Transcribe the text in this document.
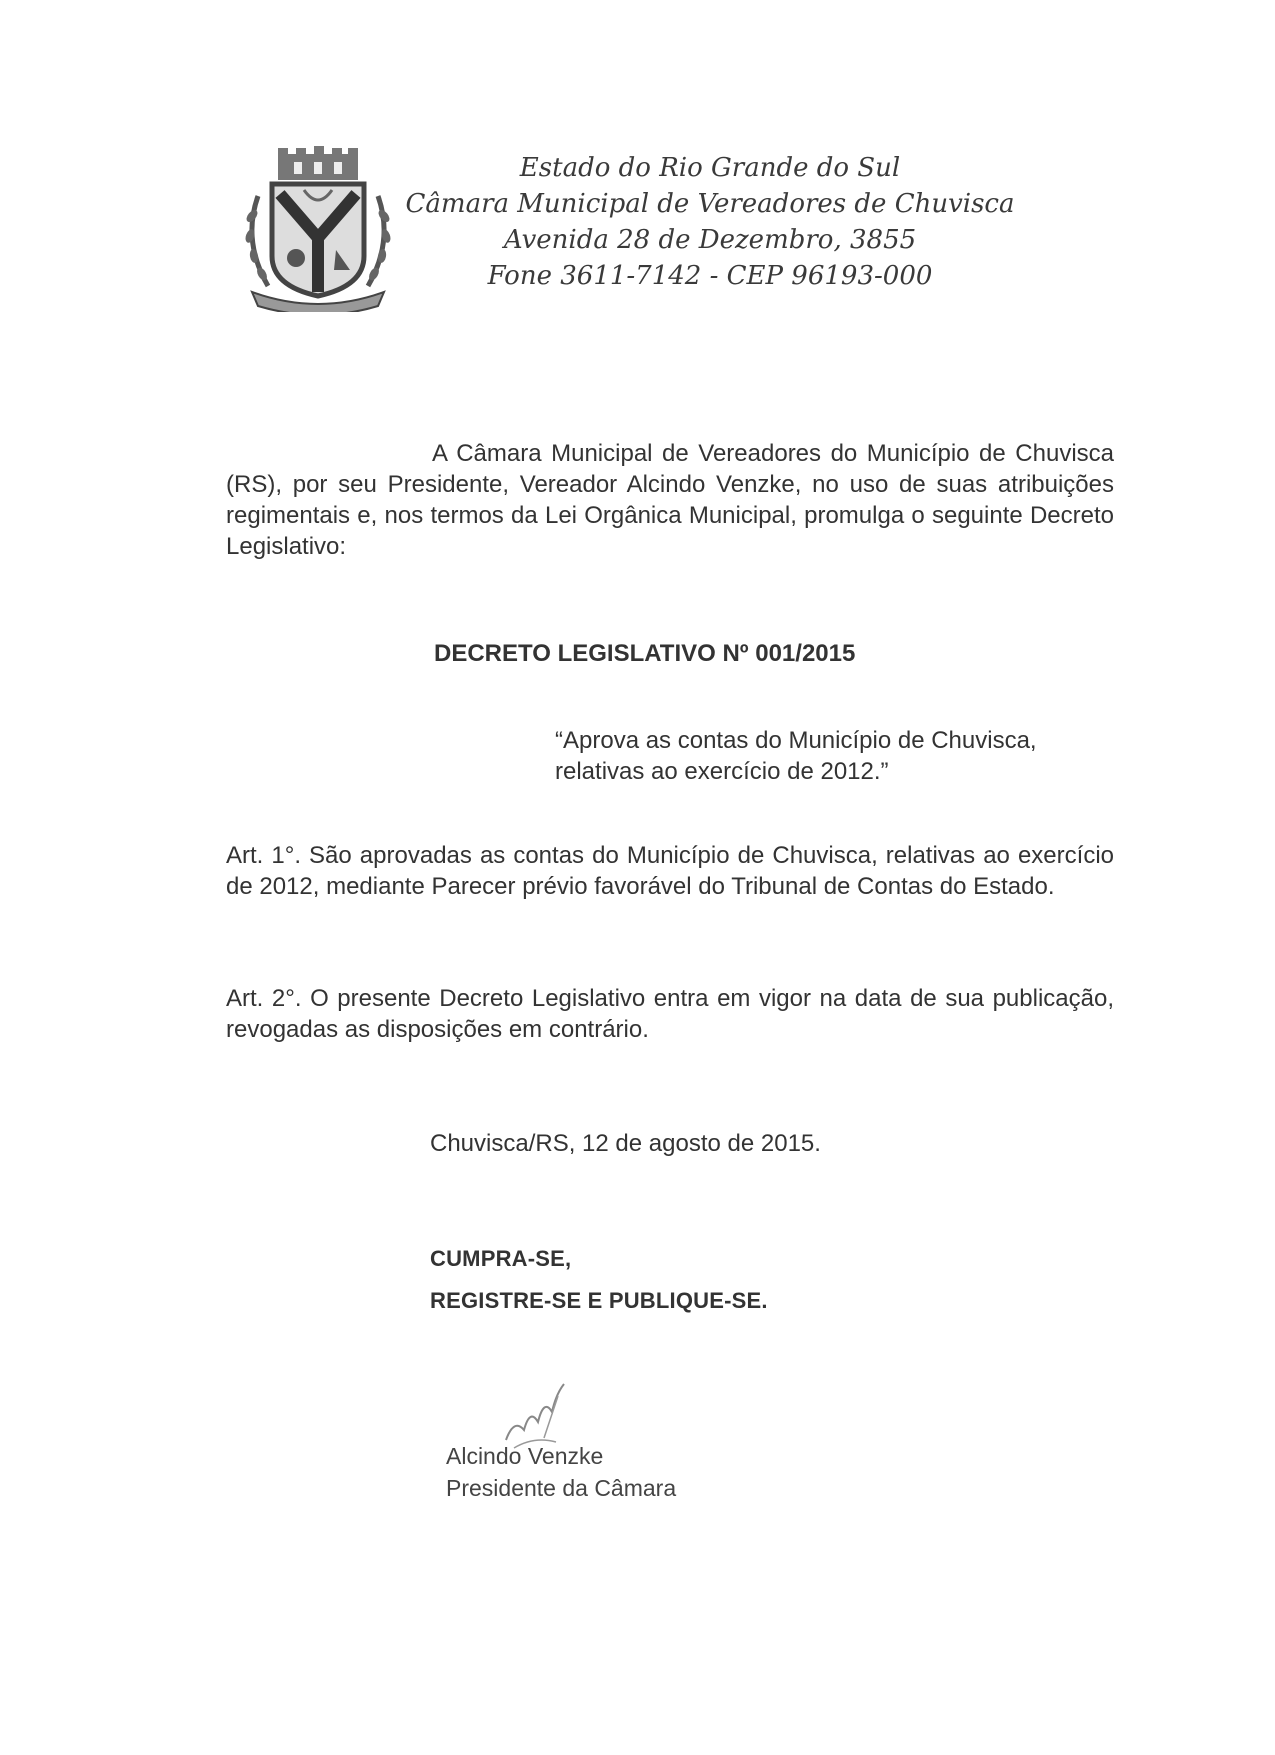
Estado do Rio Grande do Sul
Câmara Municipal de Vereadores de Chuvisca
Avenida 28 de Dezembro, 3855
Fone 3611-7142 - CEP 96193-000
A Câmara Municipal de Vereadores do Município de Chuvisca (RS), por seu Presidente, Vereador Alcindo Venzke, no uso de suas atribuições regimentais e, nos termos da Lei Orgânica Municipal, promulga o seguinte Decreto Legislativo:
DECRETO LEGISLATIVO Nº 001/2015
“Aprova as contas do Município de Chuvisca, relativas ao exercício de 2012.”
Art. 1°. São aprovadas as contas do Município de Chuvisca, relativas ao exercício de 2012, mediante Parecer prévio favorável do Tribunal de Contas do Estado.
Art. 2°. O presente Decreto Legislativo entra em vigor na data de sua publicação, revogadas as disposições em contrário.
Chuvisca/RS, 12 de agosto de 2015.
CUMPRA-SE,
REGISTRE-SE E PUBLIQUE-SE.
Alcindo Venzke
Presidente da Câmara
